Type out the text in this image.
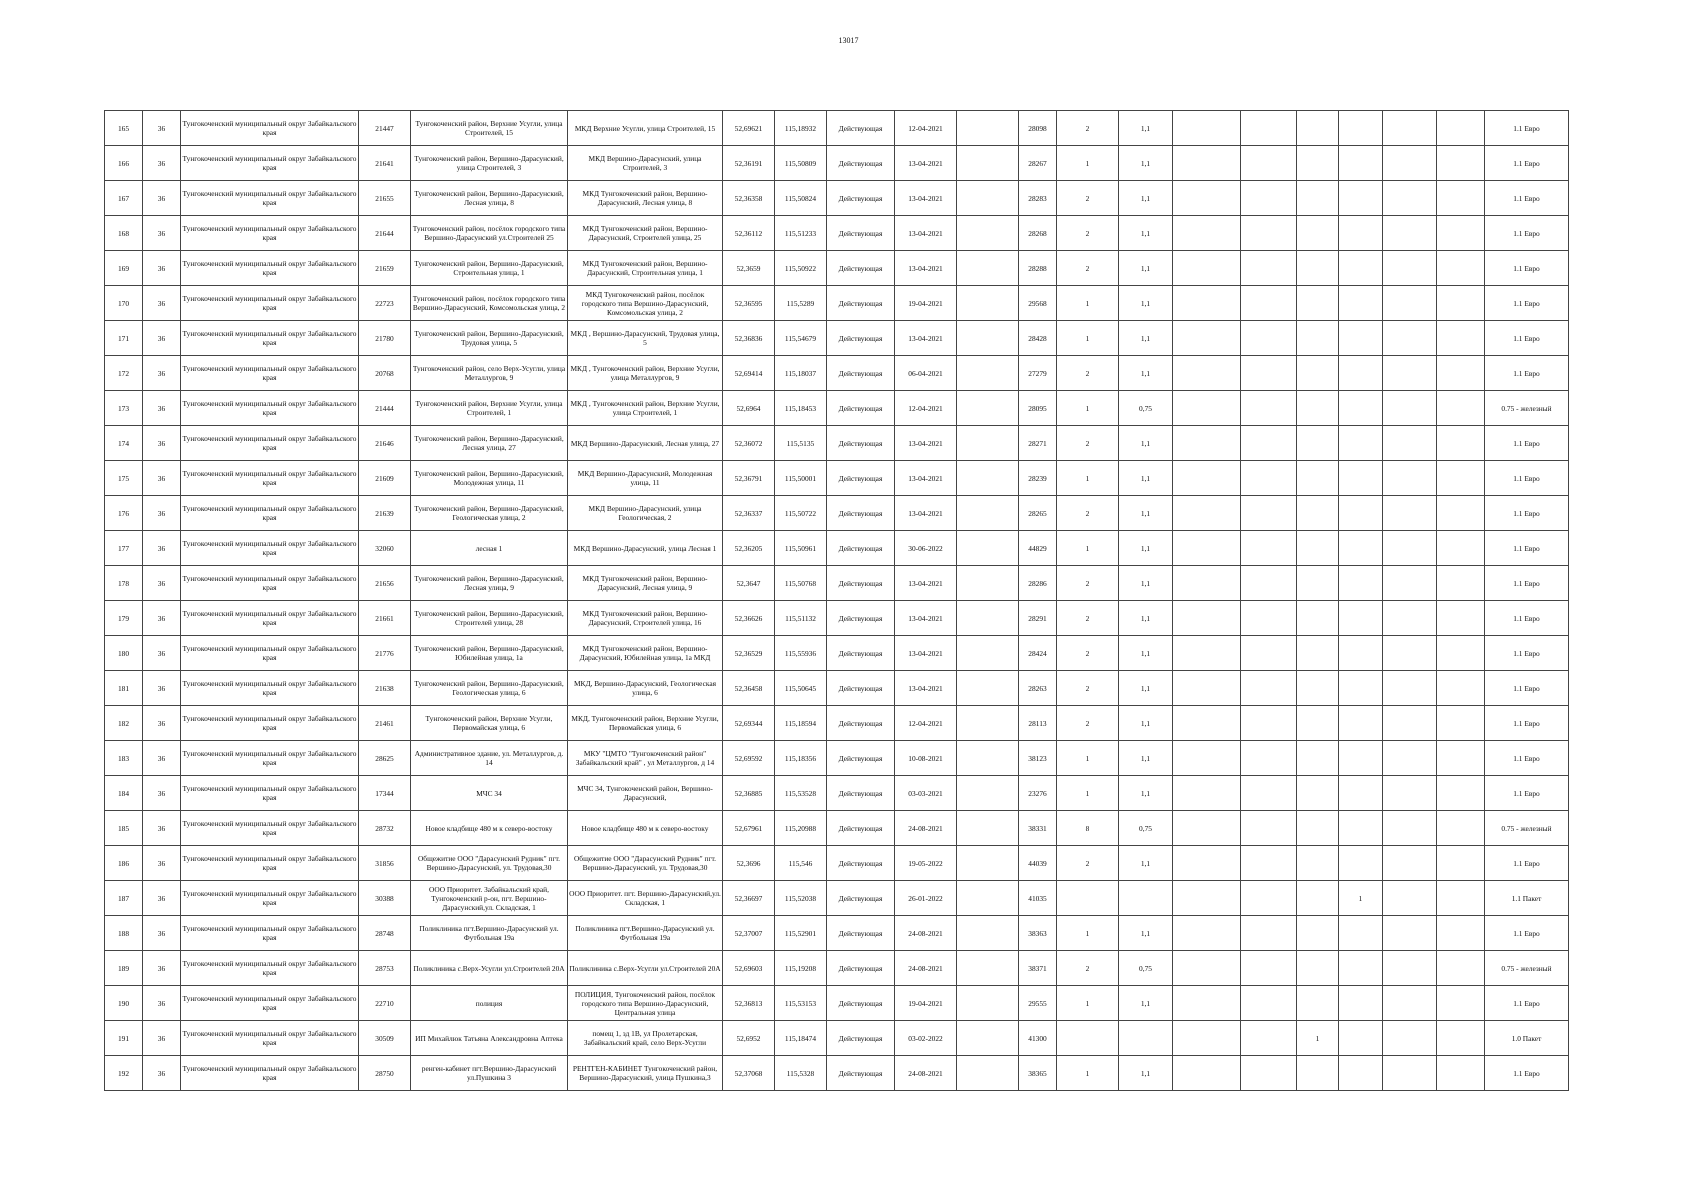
13017
165	36	Тунгокоченский муниципальный округ Забайкальского края	21447	Тунгокоченский район, Верхние Усугли, улица Строителей, 15	МКД Верхние Усугли, улица Строителей, 15	52,69621	115,18932	Действующая	12-04-2021		28098	2	1,1							1.1 Евро
166	36	Тунгокоченский муниципальный округ Забайкальского края	21641	Тунгокоченский район, Вершино-Дарасунский, улица Строителей, 3	МКД Вершино-Дарасунский, улица Строителей, 3	52,36191	115,50809	Действующая	13-04-2021		28267	1	1,1							1.1 Евро
167	36	Тунгокоченский муниципальный округ Забайкальского края	21655	Тунгокоченский район, Вершино-Дарасунский, Лесная улица, 8	МКД Тунгокоченский район, Вершино-Дарасунский, Лесная улица, 8	52,36358	115,50824	Действующая	13-04-2021		28283	2	1,1							1.1 Евро
168	36	Тунгокоченский муниципальный округ Забайкальского края	21644	Тунгокоченский район, посёлок городского типа Вершино-Дарасунский ул.Строителей 25	МКД Тунгокоченский район, Вершино-Дарасунский, Строителей улица, 25	52,36112	115,51233	Действующая	13-04-2021		28268	2	1,1							1.1 Евро
169	36	Тунгокоченский муниципальный округ Забайкальского края	21659	Тунгокоченский район, Вершино-Дарасунский, Строительная улица, 1	МКД Тунгокоченский район, Вершино-Дарасунский, Строительная улица, 1	52,3659	115,50922	Действующая	13-04-2021		28288	2	1,1							1.1 Евро
170	36	Тунгокоченский муниципальный округ Забайкальского края	22723	Тунгокоченский район, посёлок городского типа Вершино-Дарасунский, Комсомольская улица, 2	МКД Тунгокоченский район, посёлок городского типа Вершино-Дарасунский, Комсомольская улица, 2	52,36595	115,5289	Действующая	19-04-2021		29568	1	1,1							1.1 Евро
171	36	Тунгокоченский муниципальный округ Забайкальского края	21780	Тунгокоченский район, Вершино-Дарасунский, Трудовая улица, 5	МКД , Вершино-Дарасунский, Трудовая улица, 5	52,36836	115,54679	Действующая	13-04-2021		28428	1	1,1							1.1 Евро
172	36	Тунгокоченский муниципальный округ Забайкальского края	20768	Тунгокоченский район, село Верх-Усугли, улица Металлургов, 9	МКД , Тунгокоченский район, Верхние Усугли, улица Металлургов, 9	52,69414	115,18037	Действующая	06-04-2021		27279	2	1,1							1.1 Евро
173	36	Тунгокоченский муниципальный округ Забайкальского края	21444	Тунгокоченский район, Верхние Усугли, улица Строителей, 1	МКД , Тунгокоченский район, Верхние Усугли, улица Строителей, 1	52,6964	115,18453	Действующая	12-04-2021		28095	1	0,75							0.75 - железный
174	36	Тунгокоченский муниципальный округ Забайкальского края	21646	Тунгокоченский район, Вершино-Дарасунский, Лесная улица, 27	МКД Вершино-Дарасунский, Лесная улица, 27	52,36072	115,5135	Действующая	13-04-2021		28271	2	1,1							1.1 Евро
175	36	Тунгокоченский муниципальный округ Забайкальского края	21609	Тунгокоченский район, Вершино-Дарасунский, Молодежная улица, 11	МКД Вершино-Дарасунский, Молодежная улица, 11	52,36791	115,50001	Действующая	13-04-2021		28239	1	1,1							1.1 Евро
176	36	Тунгокоченский муниципальный округ Забайкальского края	21639	Тунгокоченский район, Вершино-Дарасунский, Геологическая улица, 2	МКД Вершино-Дарасунский, улица Геологическая, 2	52,36337	115,50722	Действующая	13-04-2021		28265	2	1,1							1.1 Евро
177	36	Тунгокоченский муниципальный округ Забайкальского края	32060	лесная 1	МКД Вершино-Дарасунский, улица Лесная 1	52,36205	115,50961	Действующая	30-06-2022		44829	1	1,1							1.1 Евро
178	36	Тунгокоченский муниципальный округ Забайкальского края	21656	Тунгокоченский район, Вершино-Дарасунский, Лесная улица, 9	МКД Тунгокоченский район, Вершино-Дарасунский, Лесная улица, 9	52,3647	115,50768	Действующая	13-04-2021		28286	2	1,1							1.1 Евро
179	36	Тунгокоченский муниципальный округ Забайкальского края	21661	Тунгокоченский район, Вершино-Дарасунский, Строителей улица, 28	МКД Тунгокоченский район, Вершино-Дарасунский, Строителей улица, 16	52,36626	115,51132	Действующая	13-04-2021		28291	2	1,1							1.1 Евро
180	36	Тунгокоченский муниципальный округ Забайкальского края	21776	Тунгокоченский район, Вершино-Дарасунский, Юбилейная улица, 1а	МКД Тунгокоченский район, Вершино-Дарасунский, Юбилейная улица, 1а МКД	52,36529	115,55936	Действующая	13-04-2021		28424	2	1,1							1.1 Евро
181	36	Тунгокоченский муниципальный округ Забайкальского края	21638	Тунгокоченский район, Вершино-Дарасунский, Геологическая улица, 6	МКД, Вершино-Дарасунский, Геологическая улица, 6	52,36458	115,50645	Действующая	13-04-2021		28263	2	1,1							1.1 Евро
182	36	Тунгокоченский муниципальный округ Забайкальского края	21461	Тунгокоченский район, Верхние Усугли, Первомайская улица, 6	МКД, Тунгокоченский район, Верхние Усугли, Первомайская улица, 6	52,69344	115,18594	Действующая	12-04-2021		28113	2	1,1							1.1 Евро
183	36	Тунгокоченский муниципальный округ Забайкальского края	28625	Административное здание, ул. Металлургов, д. 14	МКУ "ЦМТО "Тунгокоченский район" Забайкальский край" , ул Металлургов, д 14	52,69592	115,18356	Действующая	10-08-2021		38123	1	1,1							1.1 Евро
184	36	Тунгокоченский муниципальный округ Забайкальского края	17344	МЧС 34	МЧС 34, Тунгокоченский район, Вершино-Дарасунский,	52,36885	115,53528	Действующая	03-03-2021		23276	1	1,1							1.1 Евро
185	36	Тунгокоченский муниципальный округ Забайкальского края	28732	Новое кладбище 480 м к северо-востоку	Новое кладбище 480 м к северо-востоку	52,67961	115,20988	Действующая	24-08-2021		38331	8	0,75							0.75 - железный
186	36	Тунгокоченский муниципальный округ Забайкальского края	31856	Общежитие ООО "Дарасунский Рудник" пгт. Вершино-Дарасунский, ул. Трудовая,30	Общежитие ООО "Дарасунский Рудник" пгт. Вершино-Дарасунский, ул. Трудовая,30	52,3696	115,546	Действующая	19-05-2022		44039	2	1,1							1.1 Евро
187	36	Тунгокоченский муниципальный округ Забайкальского края	30388	ООО Приоритет. Забайкальский край, Тунгокоченский р-он, пгт. Вершино-Дарасунский,ул. Складская, 1	ООО Приоритет. пгт. Вершино-Дарасунский,ул. Складская, 1	52,36697	115,52038	Действующая	26-01-2022		41035						1			1.1 Пакет
188	36	Тунгокоченский муниципальный округ Забайкальского края	28748	Поликлиника пгт.Вершино-Дарасунский ул. Футбольная 19а	Поликлиника пгт.Вершино-Дарасунский ул. Футбольная 19а	52,37007	115,52901	Действующая	24-08-2021		38363	1	1,1							1.1 Евро
189	36	Тунгокоченский муниципальный округ Забайкальского края	28753	Поликлиника с.Верх-Усугли ул.Строителей 20А	Поликлиника с.Верх-Усугли ул.Строителей 20А	52,69603	115,19208	Действующая	24-08-2021		38371	2	0,75							0.75 - железный
190	36	Тунгокоченский муниципальный округ Забайкальского края	22710	полиция	ПОЛИЦИЯ, Тунгокоченский район, посёлок городского типа Вершино-Дарасунский, Центральная улица	52,36813	115,53153	Действующая	19-04-2021		29555	1	1,1							1.1 Евро
191	36	Тунгокоченский муниципальный округ Забайкальского края	30509	ИП Михайлюк Татьяна Александровна Аптека	помещ 1, зд 1В, ул Пролетарская, Забайкальский край, село Верх-Усугли	52,6952	115,18474	Действующая	03-02-2022		41300					1				1.0 Пакет
192	36	Тунгокоченский муниципальный округ Забайкальского края	28750	ренген-кабинет пгт.Вершино-Дарасунский ул.Пушкина 3	РЕНТГЕН-КАБИНЕТ Тунгокоченский район, Вершино-Дарасунский, улица Пушкина,3	52,37068	115,5328	Действующая	24-08-2021		38365	1	1,1							1.1 Евро
